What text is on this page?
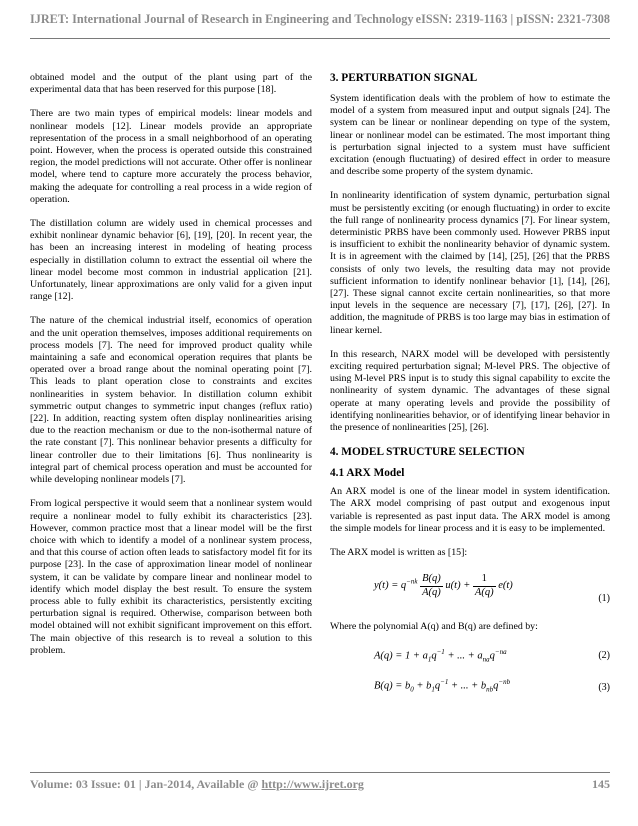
IJRET: International Journal of Research in Engineering and Technology eISSN: 2319-1163 | pISSN: 2321-7308

obtained model and the output of the plant using part of the experimental data that has been reserved for this purpose [18].

There are two main types of empirical models: linear models and nonlinear models [12]. Linear models provide an appropriate representation of the process in a small neighborhood of an operating point. However, when the process is operated outside this constrained region, the model predictions will not accurate. Other offer is nonlinear model, where tend to capture more accurately the process behavior, making the adequate for controlling a real process in a wide region of operation.

The distillation column are widely used in chemical processes and exhibit nonlinear dynamic behavior [6], [19], [20]. In recent year, the has been an increasing interest in modeling of heating process especially in distillation column to extract the essential oil where the linear model become most common in industrial application [21]. Unfortunately, linear approximations are only valid for a given input range [12].

The nature of the chemical industrial itself, economics of operation and the unit operation themselves, imposes additional requirements on process models [7]. The need for improved product quality while maintaining a safe and economical operation requires that plants be operated over a broad range about the nominal operating point [7]. This leads to plant operation close to constraints and excites nonlinearities in system behavior. In distillation column exhibit symmetric output changes to symmetric input changes (reflux ratio) [22]. In addition, reacting system often display nonlinearities arising due to the reaction mechanism or due to the non-isothermal nature of the rate constant [7]. This nonlinear behavior presents a difficulty for linear controller due to their limitations [6]. Thus nonlinearity is integral part of chemical process operation and must be accounted for while developing nonlinear models [7].

From logical perspective it would seem that a nonlinear system would require a nonlinear model to fully exhibit its characteristics [23]. However, common practice most that a linear model will be the first choice with which to identify a model of a nonlinear system process, and that this course of action often leads to satisfactory model fit for its purpose [23]. In the case of approximation linear model of nonlinear system, it can be validate by compare linear and nonlinear model to identify which model display the best result. To ensure the system process able to fully exhibit its characteristics, persistently exciting perturbation signal is required. Otherwise, comparison between both model obtained will not exhibit significant improvement on this effort. The main objective of this research is to reveal a solution to this problem.

3. PERTURBATION SIGNAL

System identification deals with the problem of how to estimate the model of a system from measured input and output signals [24]. The system can be linear or nonlinear depending on type of the system, linear or nonlinear model can be estimated. The most important thing is perturbation signal injected to a system must have sufficient excitation (enough fluctuating) of desired effect in order to measure and describe some property of the system dynamic.

In nonlinearity identification of system dynamic, perturbation signal must be persistently exciting (or enough fluctuating) in order to excite the full range of nonlinearity process dynamics [7]. For linear system, deterministic PRBS have been commonly used. However PRBS input is insufficient to exhibit the nonlinearity behavior of dynamic system. It is in agreement with the claimed by [14], [25], [26] that the PRBS consists of only two levels, the resulting data may not provide sufficient information to identify nonlinear behavior [1], [14], [26], [27]. These signal cannot excite certain nonlinearities, so that more input levels in the sequence are necessary [7], [17], [26], [27]. In addition, the magnitude of PRBS is too large may bias in estimation of linear kernel.

In this research, NARX model will be developed with persistently exciting required perturbation signal; M-level PRS. The objective of using M-level PRS input is to study this signal capability to excite the nonlinearity of system dynamic. The advantages of these signal operate at many operating levels and provide the possibility of identifying nonlinearities behavior, or of identifying linear behavior in the presence of nonlinearities [25], [26].

4. MODEL STRUCTURE SELECTION
4.1 ARX Model

An ARX model is one of the linear model in system identification. The ARX model comprising of past output and exogenous input variable is represented as past input data. The ARX model is among the simple models for linear process and it is easy to be implemented.

The ARX model is written as [15]:

$y(t) = q^{-nk} \frac{B(q)}{A(q)} u(t) + \frac{1}{A(q)} e(t)$
(1)

Where the polynomial A(q) and B(q) are defined by:

$A(q) = 1 + a_1q^{-1}$ + ... + $a_{na}q^{-na}$	(2)
$B(q) = b_0 + b_1q^{-1}$ + ... + $b_{nb}q^{-nb}$	(3)
Volume: 03 Issue: 01 | Jan-2014, Available @ http://www.ijret.org	145
